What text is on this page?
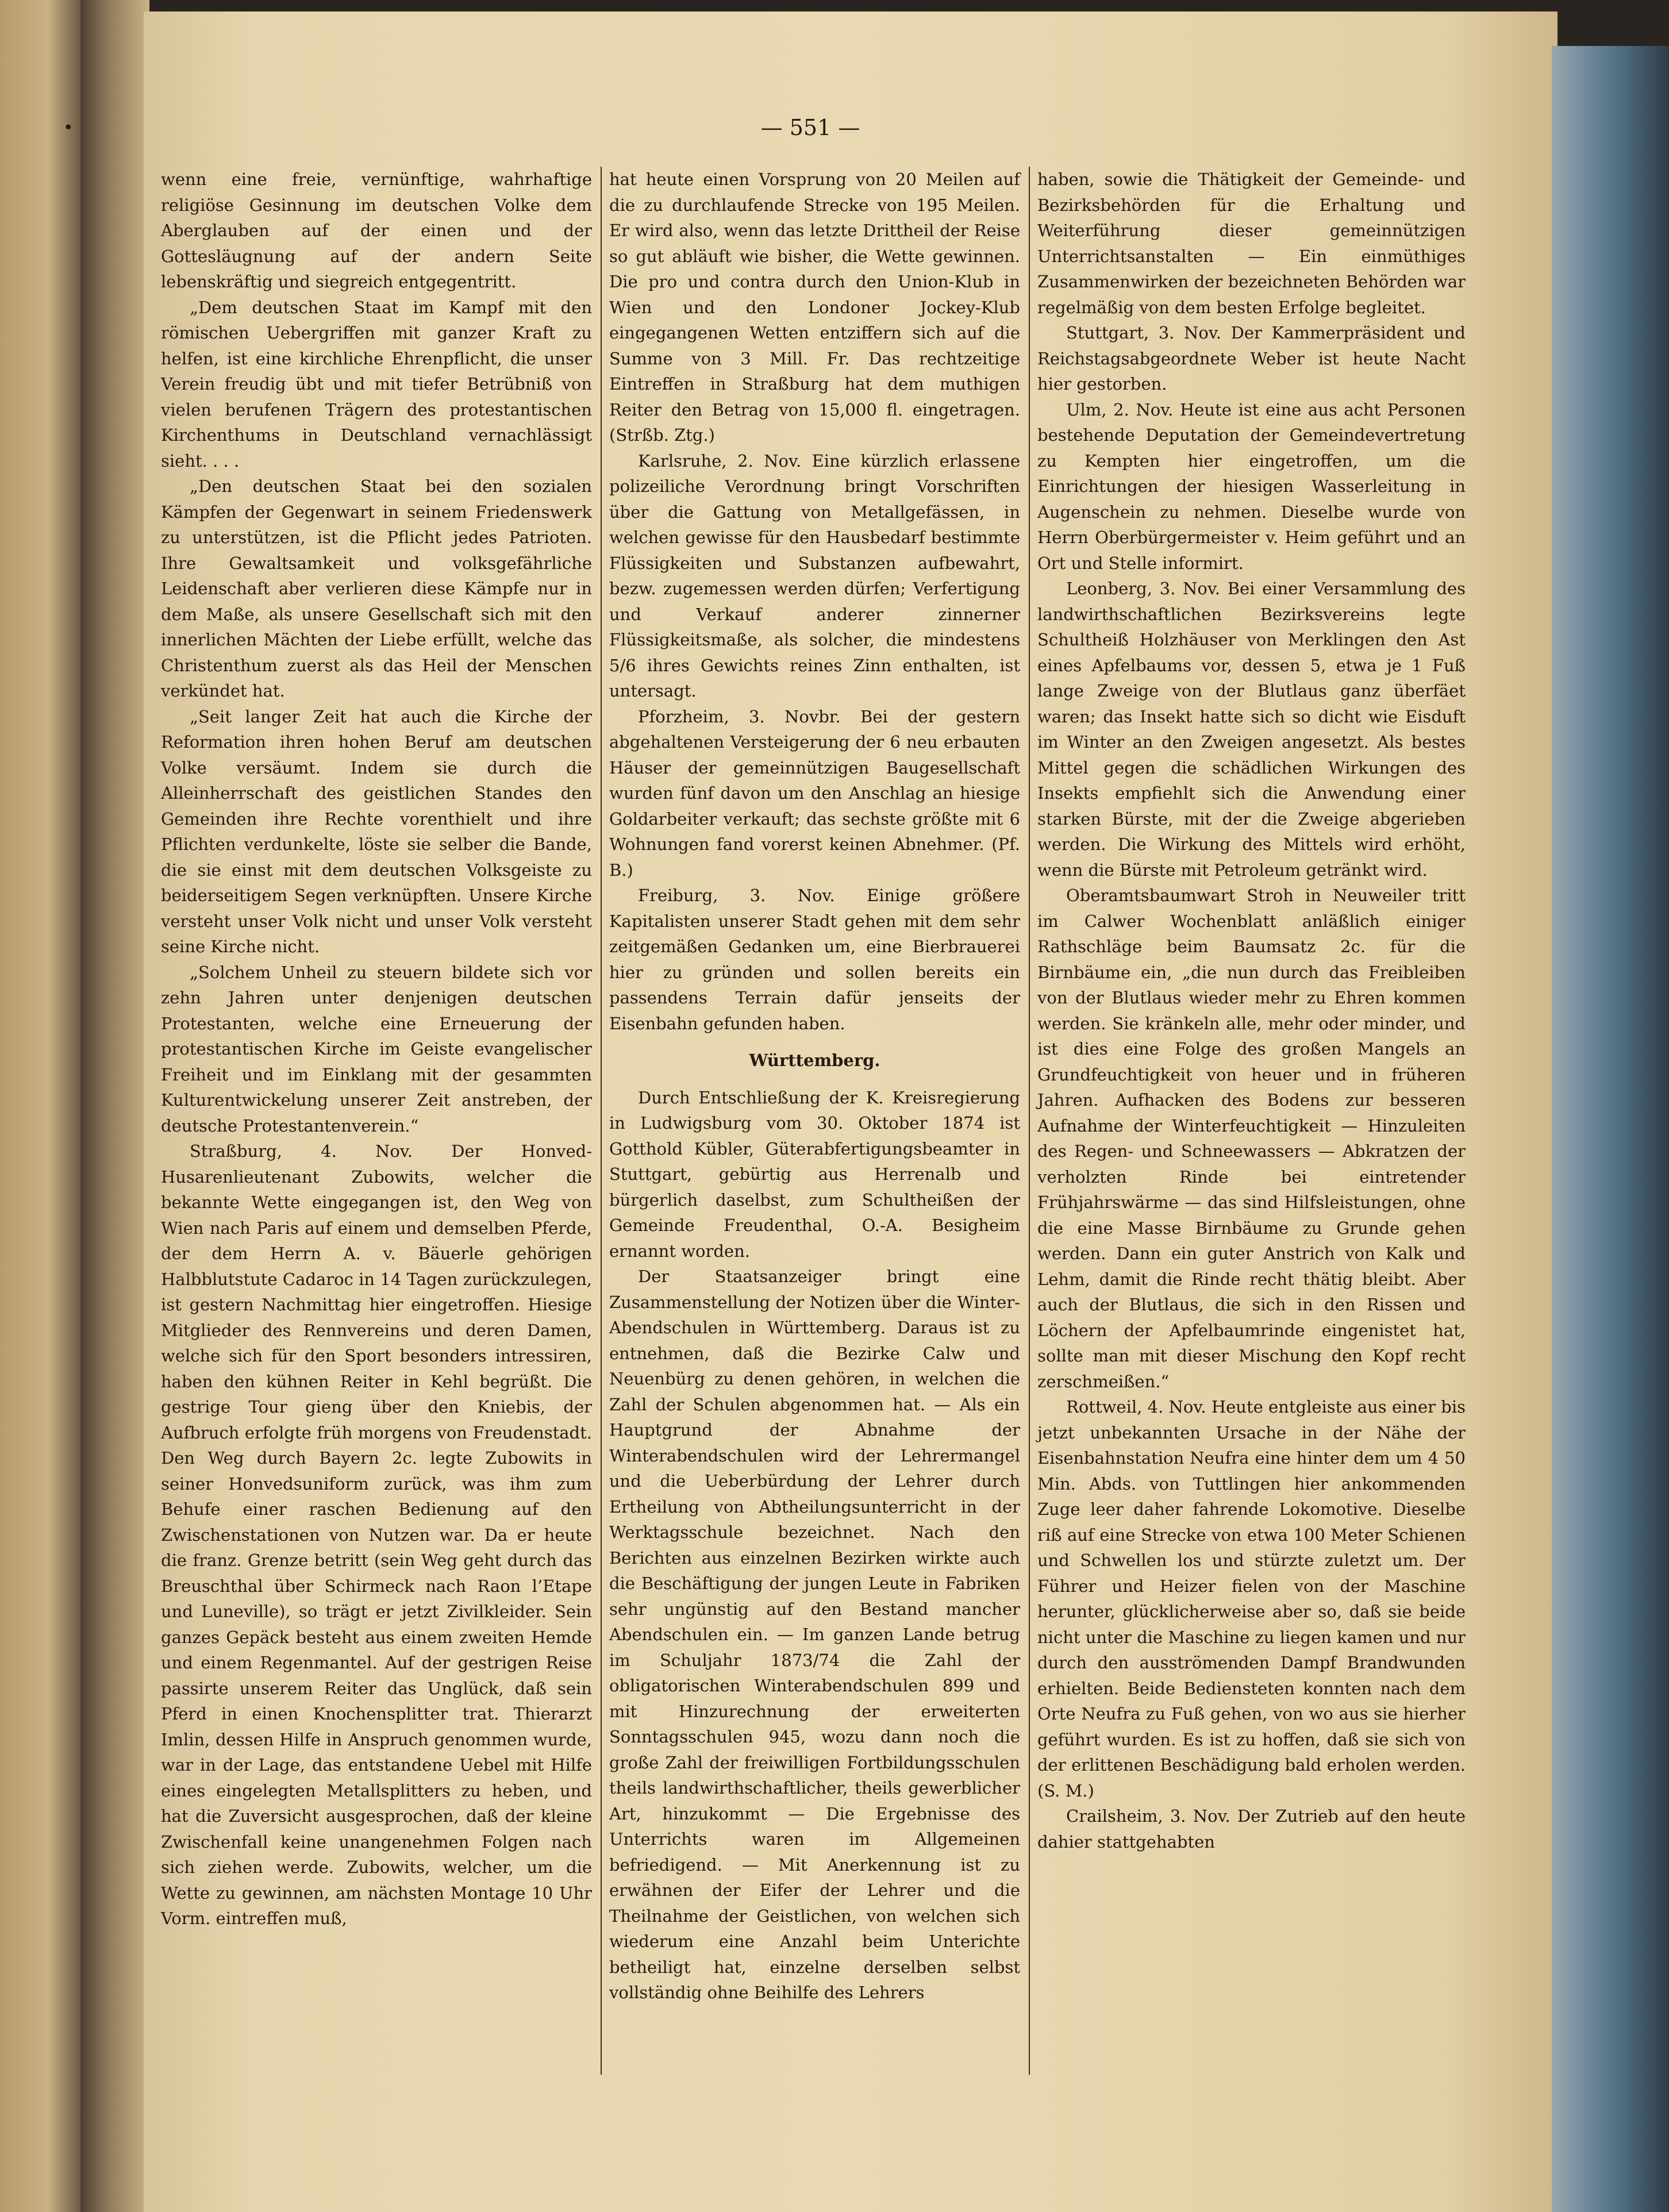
•	— 551 —

wenn eine freie, vernünftige, wahrhaftige religiöse Gesinnung im deutschen Volke dem Aberglauben auf der einen und der Gottesläugnung auf der andern Seite lebenskräftig und siegreich entgegentritt.

„Dem deutschen Staat im Kampf mit den römischen Uebergriffen mit ganzer Kraft zu helfen, ist eine kirchliche Ehrenpflicht, die unser Verein freudig übt und mit tiefer Betrübniß von vielen berufenen Trägern des protestantischen Kirchenthums in Deutschland vernachlässigt sieht. . . .

„Den deutschen Staat bei den sozialen Kämpfen der Gegenwart in seinem Friedenswerk zu unterstützen, ist die Pflicht jedes Patrioten. Ihre Gewaltsamkeit und volksgefährliche Leidenschaft aber verlieren diese Kämpfe nur in dem Maße, als unsere Gesellschaft sich mit den innerlichen Mächten der Liebe erfüllt, welche das Christenthum zuerst als das Heil der Menschen verkündet hat.

„Seit langer Zeit hat auch die Kirche der Reformation ihren hohen Beruf am deutschen Volke versäumt. Indem sie durch die Alleinherrschaft des geistlichen Standes den Gemeinden ihre Rechte vorenthielt und ihre Pflichten verdunkelte, löste sie selber die Bande, die sie einst mit dem deutschen Volksgeiste zu beiderseitigem Segen verknüpften. Unsere Kirche versteht unser Volk nicht und unser Volk versteht seine Kirche nicht.

„Solchem Unheil zu steuern bildete sich vor zehn Jahren unter denjenigen deutschen Protestanten, welche eine Erneuerung der protestantischen Kirche im Geiste evangelischer Freiheit und im Einklang mit der gesammten Kulturentwickelung unserer Zeit anstreben, der deutsche Protestantenverein.“

Straßburg, 4. Nov. Der Honved-Husarenlieutenant Zubowits, welcher die bekannte Wette eingegangen ist, den Weg von Wien nach Paris auf einem und demselben Pferde, der dem Herrn A. v. Bäuerle gehörigen Halbblutstute Cadaroc in 14 Tagen zurückzulegen, ist gestern Nachmittag hier eingetroffen. Hiesige Mitglieder des Rennvereins und deren Damen, welche sich für den Sport besonders intressiren, haben den kühnen Reiter in Kehl begrüßt. Die gestrige Tour gieng über den Kniebis, der Aufbruch erfolgte früh morgens von Freudenstadt. Den Weg durch Bayern 2c. legte Zubowits in seiner Honvedsuniform zurück, was ihm zum Behufe einer raschen Bedienung auf den Zwischenstationen von Nutzen war. Da er heute die franz. Grenze betritt (sein Weg geht durch das Breuschthal über Schirmeck nach Raon l’Etape und Luneville), so trägt er jetzt Zivilkleider. Sein ganzes Gepäck besteht aus einem zweiten Hemde und einem Regenmantel. Auf der gestrigen Reise passirte unserem Reiter das Unglück, daß sein Pferd in einen Knochensplitter trat. Thierarzt Imlin, dessen Hilfe in Anspruch genommen wurde, war in der Lage, das entstandene Uebel mit Hilfe eines eingelegten Metallsplitters zu heben, und hat die Zuversicht ausgesprochen, daß der kleine Zwischenfall keine unangenehmen Folgen nach sich ziehen werde. Zubowits, welcher, um die Wette zu gewinnen, am nächsten Montage 10 Uhr Vorm. eintreffen muß,

hat heute einen Vorsprung von 20 Meilen auf die zu durchlaufende Strecke von 195 Meilen. Er wird also, wenn das letzte Drittheil der Reise so gut abläuft wie bisher, die Wette gewinnen. Die pro und contra durch den Union-Klub in Wien und den Londoner Jockey-Klub eingegangenen Wetten entziffern sich auf die Summe von 3 Mill. Fr. Das rechtzeitige Eintreffen in Straßburg hat dem muthigen Reiter den Betrag von 15,000 fl. eingetragen. (Strßb. Ztg.)

Karlsruhe, 2. Nov. Eine kürzlich erlassene polizeiliche Verordnung bringt Vorschriften über die Gattung von Metallgefässen, in welchen gewisse für den Hausbedarf bestimmte Flüssigkeiten und Substanzen aufbewahrt, bezw. zugemessen werden dürfen; Verfertigung und Verkauf anderer zinnerner Flüssigkeitsmaße, als solcher, die mindestens 5/6 ihres Gewichts reines Zinn enthalten, ist untersagt.

Pforzheim, 3. Novbr. Bei der gestern abgehaltenen Versteigerung der 6 neu erbauten Häuser der gemeinnützigen Baugesellschaft wurden fünf davon um den Anschlag an hiesige Goldarbeiter verkauft; das sechste größte mit 6 Wohnungen fand vorerst keinen Abnehmer. (Pf. B.)

Freiburg, 3. Nov. Einige größere Kapitalisten unserer Stadt gehen mit dem sehr zeitgemäßen Gedanken um, eine Bierbrauerei hier zu gründen und sollen bereits ein passendens Terrain dafür jenseits der Eisenbahn gefunden haben.

Württemberg.

Durch Entschließung der K. Kreisregierung in Ludwigsburg vom 30. Oktober 1874 ist Gotthold Kübler, Güterabfertigungsbeamter in Stuttgart, gebürtig aus Herrenalb und bürgerlich daselbst, zum Schultheißen der Gemeinde Freudenthal, O.-A. Besigheim ernannt worden.

Der Staatsanzeiger bringt eine Zusammenstellung der Notizen über die Winter-Abendschulen in Württemberg. Daraus ist zu entnehmen, daß die Bezirke Calw und Neuenbürg zu denen gehören, in welchen die Zahl der Schulen abgenommen hat. — Als ein Hauptgrund der Abnahme der Winterabendschulen wird der Lehrermangel und die Ueberbürdung der Lehrer durch Ertheilung von Abtheilungsunterricht in der Werktagsschule bezeichnet. Nach den Berichten aus einzelnen Bezirken wirkte auch die Beschäftigung der jungen Leute in Fabriken sehr ungünstig auf den Bestand mancher Abendschulen ein. — Im ganzen Lande betrug im Schuljahr 1873/74 die Zahl der obligatorischen Winterabendschulen 899 und mit Hinzurechnung der erweiterten Sonntagsschulen 945, wozu dann noch die große Zahl der freiwilligen Fortbildungsschulen theils landwirthschaftlicher, theils gewerblicher Art, hinzukommt — Die Ergebnisse des Unterrichts waren im Allgemeinen befriedigend. — Mit Anerkennung ist zu erwähnen der Eifer der Lehrer und die Theilnahme der Geistlichen, von welchen sich wiederum eine Anzahl beim Unterichte betheiligt hat, einzelne derselben selbst vollständig ohne Beihilfe des Lehrers

haben, sowie die Thätigkeit der Gemeinde- und Bezirksbehörden für die Erhaltung und Weiterführung dieser gemeinnützigen Unterrichtsanstalten — Ein einmüthiges Zusammenwirken der bezeichneten Behörden war regelmäßig von dem besten Erfolge begleitet.

Stuttgart, 3. Nov. Der Kammerpräsident und Reichstagsabgeordnete Weber ist heute Nacht hier gestorben.

Ulm, 2. Nov. Heute ist eine aus acht Personen bestehende Deputation der Gemeindevertretung zu Kempten hier eingetroffen, um die Einrichtungen der hiesigen Wasserleitung in Augenschein zu nehmen. Dieselbe wurde von Herrn Oberbürgermeister v. Heim geführt und an Ort und Stelle informirt.

Leonberg, 3. Nov. Bei einer Versammlung des landwirthschaftlichen Bezirksvereins legte Schultheiß Holzhäuser von Merklingen den Ast eines Apfelbaums vor, dessen 5, etwa je 1 Fuß lange Zweige von der Blutlaus ganz überfäet waren; das Insekt hatte sich so dicht wie Eisduft im Winter an den Zweigen angesetzt. Als bestes Mittel gegen die schädlichen Wirkungen des Insekts empfiehlt sich die Anwendung einer starken Bürste, mit der die Zweige abgerieben werden. Die Wirkung des Mittels wird erhöht, wenn die Bürste mit Petroleum getränkt wird.

Oberamtsbaumwart Stroh in Neuweiler tritt im Calwer Wochenblatt anläßlich einiger Rathschläge beim Baumsatz 2c. für die Birnbäume ein, „die nun durch das Freibleiben von der Blutlaus wieder mehr zu Ehren kommen werden. Sie kränkeln alle, mehr oder minder, und ist dies eine Folge des großen Mangels an Grundfeuchtigkeit von heuer und in früheren Jahren. Aufhacken des Bodens zur besseren Aufnahme der Winterfeuchtigkeit — Hinzuleiten des Regen- und Schneewassers — Abkratzen der verholzten Rinde bei eintretender Frühjahrswärme — das sind Hilfsleistungen, ohne die eine Masse Birnbäume zu Grunde gehen werden. Dann ein guter Anstrich von Kalk und Lehm, damit die Rinde recht thätig bleibt. Aber auch der Blutlaus, die sich in den Rissen und Löchern der Apfelbaumrinde eingenistet hat, sollte man mit dieser Mischung den Kopf recht zerschmeißen.“

Rottweil, 4. Nov. Heute entgleiste aus einer bis jetzt unbekannten Ursache in der Nähe der Eisenbahnstation Neufra eine hinter dem um 4 50 Min. Abds. von Tuttlingen hier ankommenden Zuge leer daher fahrende Lokomotive. Dieselbe riß auf eine Strecke von etwa 100 Meter Schienen und Schwellen los und stürzte zuletzt um. Der Führer und Heizer fielen von der Maschine herunter, glücklicherweise aber so, daß sie beide nicht unter die Maschine zu liegen kamen und nur durch den ausströmenden Dampf Brandwunden erhielten. Beide Bediensteten konnten nach dem Orte Neufra zu Fuß gehen, von wo aus sie hierher geführt wurden. Es ist zu hoffen, daß sie sich von der erlittenen Beschädigung bald erholen werden. (S. M.)

Crailsheim, 3. Nov. Der Zutrieb auf den heute dahier stattgehabten
